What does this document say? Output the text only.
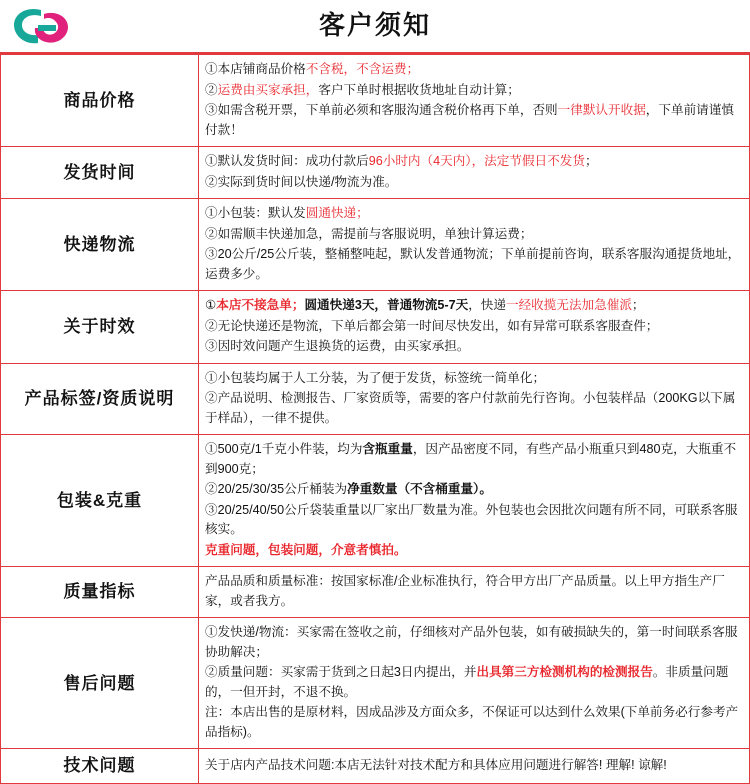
客户须知
商品价格	①本店铺商品价格不含税，不含运费；

②运费由买家承担，客户下单时根据收货地址自动计算；

③如需含税开票，下单前必须和客服沟通含税价格再下单，否则一律默认开收据，下单前请谨慎付款！

发货时间	①默认发货时间：成功付款后96小时内（4天内），法定节假日不发货；

②实际到货时间以快递/物流为准。

快递物流	①小包装：默认发圆通快递；

②如需顺丰快递加急，需提前与客服说明，单独计算运费；

③20公斤/25公斤装，整桶整吨起，默认发普通物流；下单前提前咨询，联系客服沟通提货地址，运费多少。

关于时效	①本店不接急单；圆通快递3天，普通物流5-7天，快递一经收揽无法加急催派；

②无论快递还是物流，下单后都会第一时间尽快发出，如有异常可联系客服查件；

③因时效问题产生退换货的运费，由买家承担。

产品标签/资质说明	①小包装均属于人工分装，为了便于发货，标签统一简单化；

②产品说明、检测报告、厂家资质等，需要的客户付款前先行咨询。小包装样品（200KG以下属于样品），一律不提供。

包装&克重	①500克/1千克小件装，均为含瓶重量，因产品密度不同，有些产品小瓶重只到480克，大瓶重不到900克；

②20/25/30/35公斤桶装为净重数量（不含桶重量）。

③20/25/40/50公斤袋装重量以厂家出厂数量为准。外包装也会因批次问题有所不同，可联系客服核实。

克重问题，包装问题，介意者慎拍。

质量指标	产品品质和质量标准：按国家标准/企业标准执行，符合甲方出厂产品质量。以上甲方指生产厂家，或者我方。

售后问题	①发快递/物流：买家需在签收之前，仔细核对产品外包装，如有破损缺失的，第一时间联系客服协助解决；

②质量问题：买家需于货到之日起3日内提出，并出具第三方检测机构的检测报告。非质量问题的，一但开封，不退不换。

注：本店出售的是原材料，因成品涉及方面众多，不保证可以达到什么效果(下单前务必行参考产品指标)。

技术问题	关于店内产品技术问题:本店无法针对技术配方和具体应用问题进行解答! 理解! 谅解!
